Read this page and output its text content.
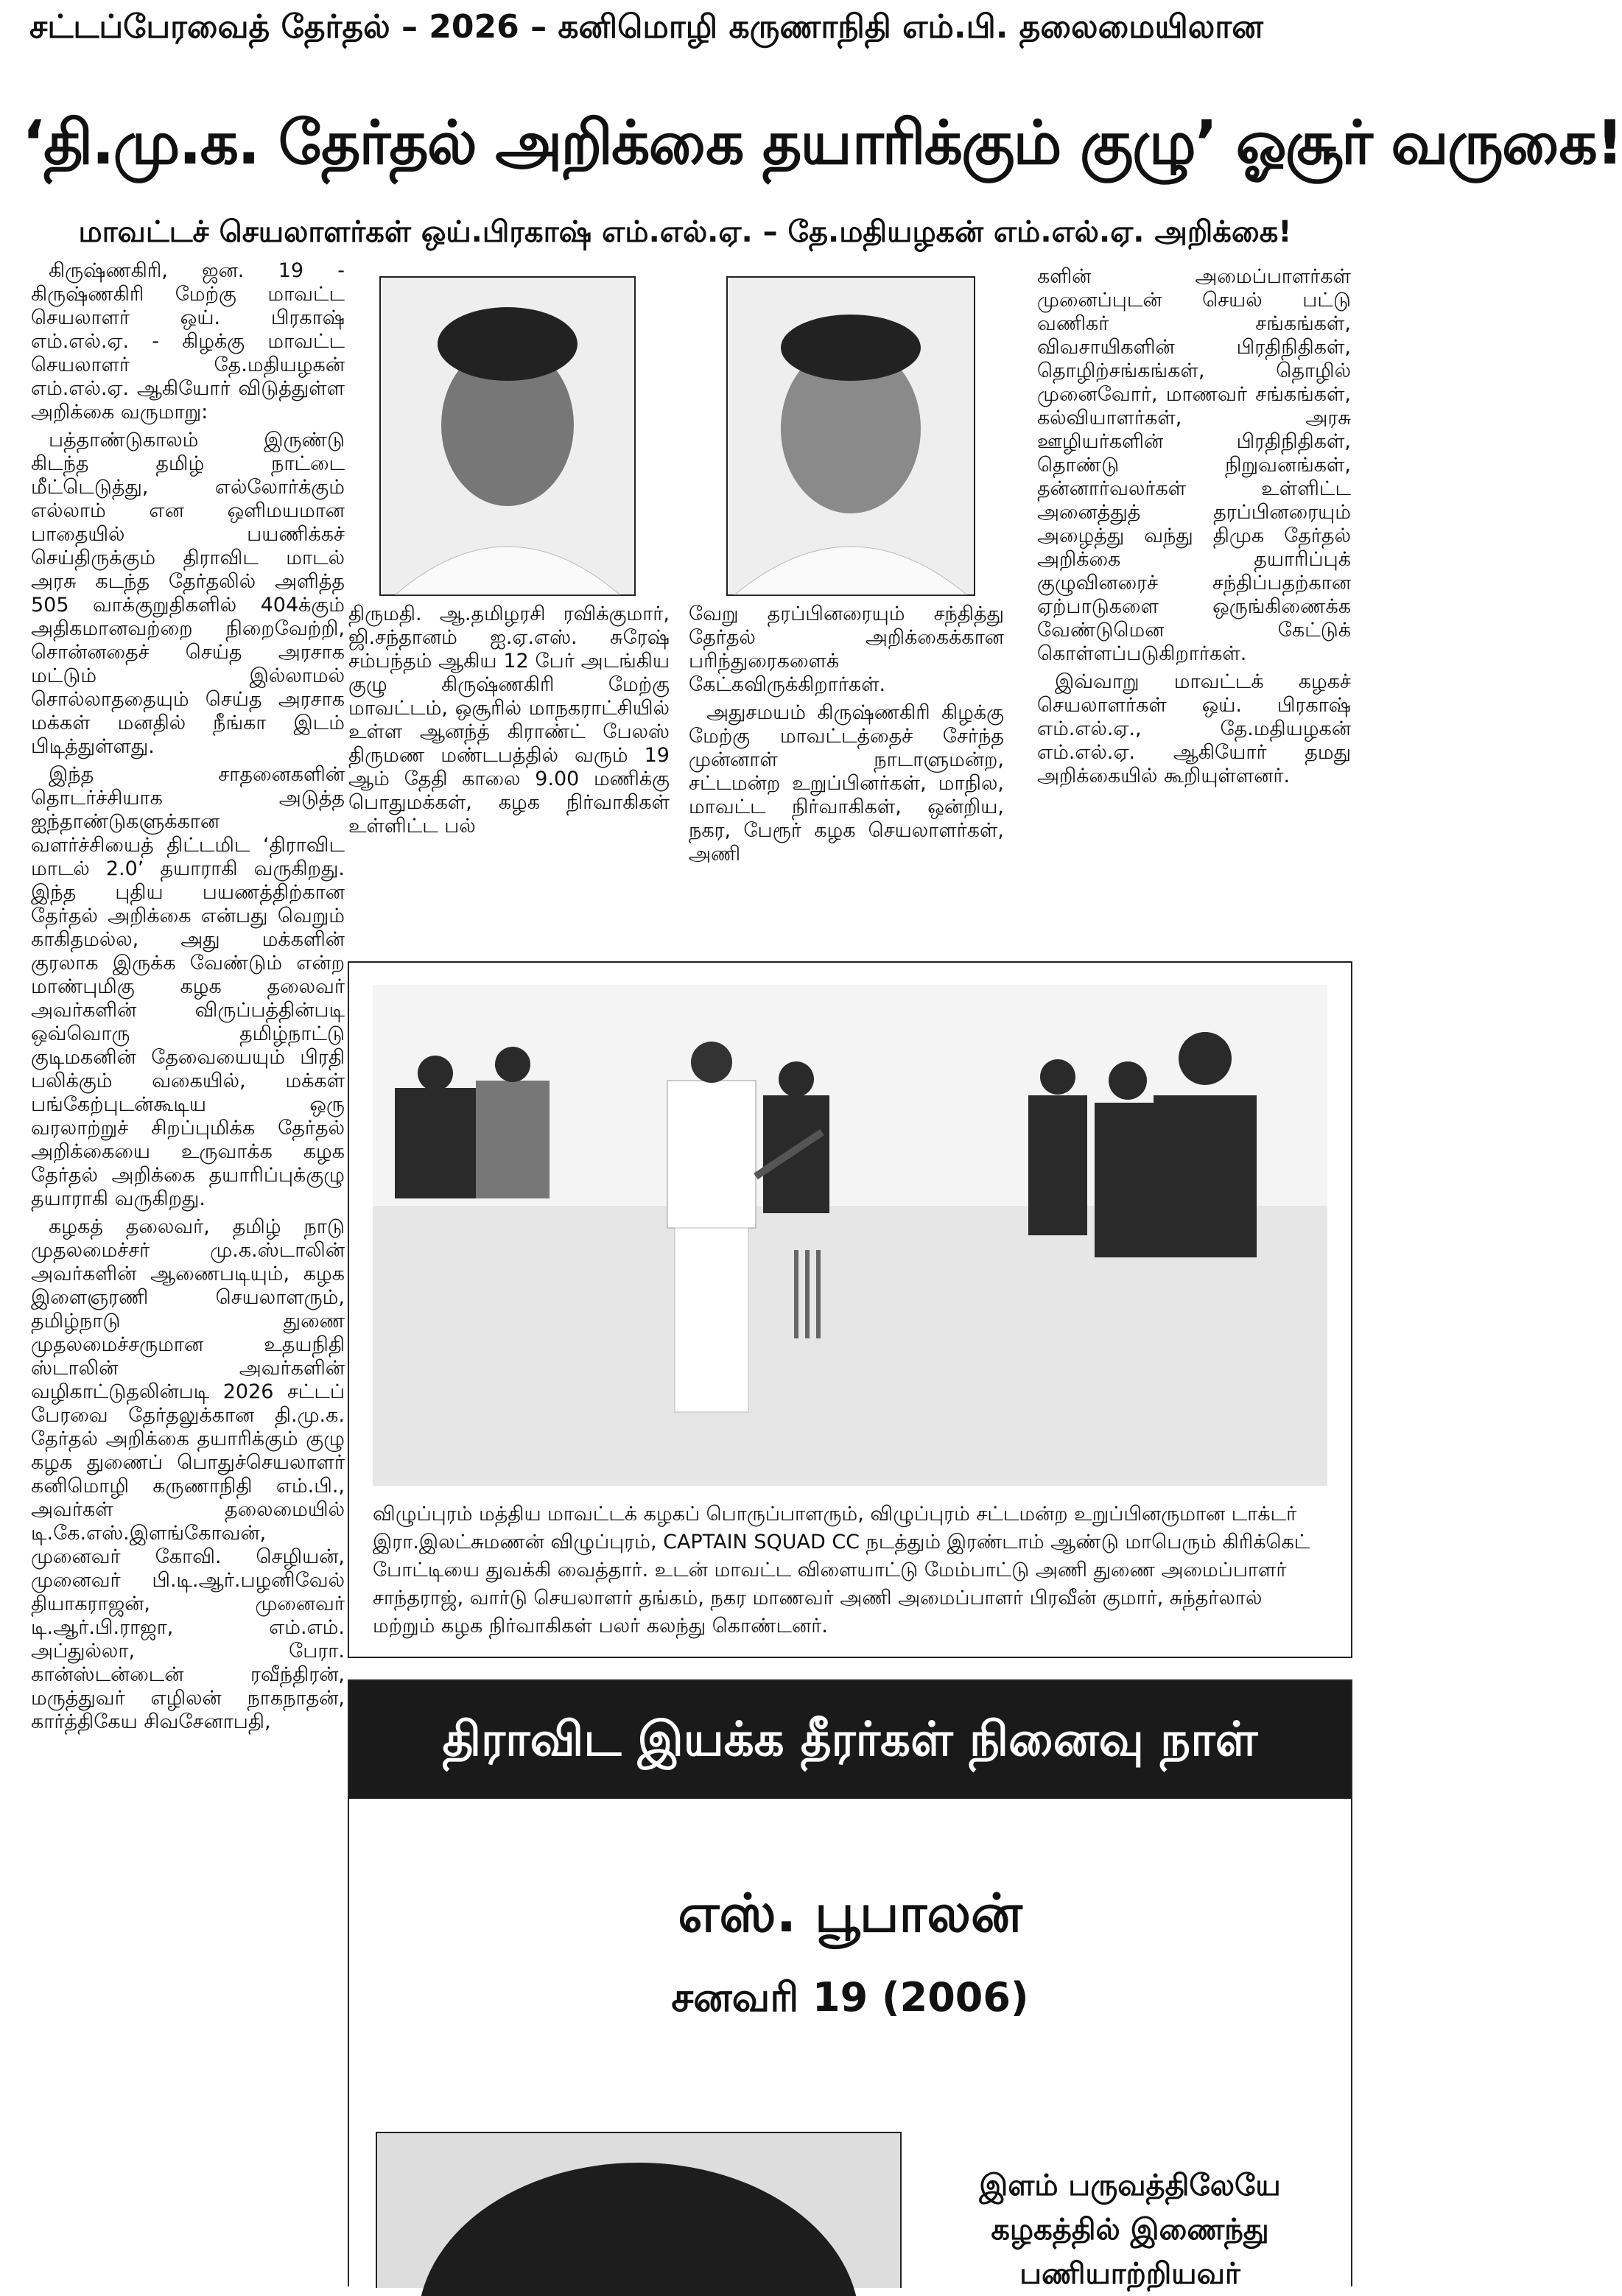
சட்டப்பேரவைத் தேர்தல் – 2026 – கனிமொழி கருணாநிதி எம்.பி. தலைமையிலான
‘தி.மு.க. தேர்தல் அறிக்கை தயாரிக்கும் குழு’ ஓசூர் வருகை!
மாவட்டச் செயலாளர்கள் ஒய்.பிரகாஷ் எம்.எல்.ஏ. – தே.மதியழகன் எம்.எல்.ஏ. அறிக்கை!

கிருஷ்ணகிரி, ஜன. 19 - கிருஷ்ணகிரி மேற்கு மாவட்ட செயலாளர் ஒய். பிரகாஷ் எம்.எல்.ஏ. - கிழக்கு மாவட்ட செயலாளர் தே.மதியழகன் எம்.எல்.ஏ. ஆகியோர் விடுத்துள்ள அறிக்கை வருமாறு:

பத்தாண்டுகாலம் இருண்டு கிடந்த தமிழ் நாட்டை மீட்டெடுத்து, எல்லோர்க்கும் எல்லாம் என ஒளிமயமான பாதையில் பயணிக்கச் செய்திருக்கும் திராவிட மாடல் அரசு கடந்த தேர்தலில் அளித்த 505 வாக்குறுதிகளில் 404க்கும் அதிகமானவற்றை நிறைவேற்றி, சொன்னதைச் செய்த அரசாக மட்டும் இல்லாமல் சொல்லாததையும் செய்த அரசாக மக்கள் மனதில் நீங்கா இடம் பிடித்துள்ளது.

இந்த சாதனைகளின் தொடர்ச்சியாக அடுத்த ஐந்தாண்டுகளுக்கான வளர்ச்சியைத் திட்டமிட ‘திராவிட மாடல் 2.0’ தயாராகி வருகிறது. இந்த புதிய பயணத்திற்கான தேர்தல் அறிக்கை என்பது வெறும் காகிதமல்ல, அது மக்களின் குரலாக இருக்க வேண்டும் என்ற மாண்புமிகு கழக தலைவர் அவர்களின் விருப்பத்தின்படி ஒவ்வொரு தமிழ்நாட்டு குடிமகனின் தேவையையும் பிரதி பலிக்கும் வகையில், மக்கள் பங்கேற்புடன்கூடிய ஒரு வரலாற்றுச் சிறப்புமிக்க தேர்தல் அறிக்கையை உருவாக்க கழக தேர்தல் அறிக்கை தயாரிப்புக்குழு தயாராகி வருகிறது.

கழகத் தலைவர், தமிழ் நாடு முதலமைச்சர் மு.க.ஸ்டாலின் அவர்களின் ஆணைபடியும், கழக இளைஞரணி செயலாளரும், தமிழ்நாடு துணை முதலமைச்சருமான உதயநிதி ஸ்டாலின் அவர்களின் வழிகாட்டுதலின்படி 2026 சட்டப் பேரவை தேர்தலுக்கான தி.மு.க. தேர்தல் அறிக்கை தயாரிக்கும் குழு கழக துணைப் பொதுச்செயலாளர் கனிமொழி கருணாநிதி எம்.பி., அவர்கள் தலைமையில் டி.கே.எஸ்.இளங்கோவன், முனைவர் கோவி. செழியன், முனைவர் பி.டி.ஆர்.பழனிவேல் தியாகராஜன், முனைவர் டி.ஆர்.பி.ராஜா, எம்.எம். அப்துல்லா, பேரா. கான்ஸ்டன்டைன் ரவீந்திரன், மருத்துவர் எழிலன் நாகநாதன், கார்த்திகேய சிவசேனாபதி,

திருமதி. ஆ.தமிழரசி ரவிக்குமார், ஜி.சந்தானம் ஐ.ஏ.எஸ். சுரேஷ் சம்பந்தம் ஆகிய 12 பேர் அடங்கிய குழு கிருஷ்ணகிரி மேற்கு மாவட்டம், ஒசூரில் மாநகராட்சியில் உள்ள ஆனந்த் கிராண்ட் பேலஸ் திருமண மண்டபத்தில் வரும் 19 ஆம் தேதி காலை 9.00 மணிக்கு பொதுமக்கள், கழக நிர்வாகிகள் உள்ளிட்ட பல்

வேறு தரப்பினரையும் சந்தித்து தேர்தல் அறிக்கைக்கான பரிந்துரைகளைக் கேட்கவிருக்கிறார்கள்.

அதுசமயம் கிருஷ்ணகிரி கிழக்கு மேற்கு மாவட்டத்தைச் சேர்ந்த முன்னாள் நாடாளுமன்ற, சட்டமன்ற உறுப்பினர்கள், மாநில, மாவட்ட நிர்வாகிகள், ஒன்றிய, நகர, பேரூர் கழக செயலாளர்கள், அணி

களின் அமைப்பாளர்கள் முனைப்புடன் செயல் பட்டு வணிகர் சங்கங்கள், விவசாயிகளின் பிரதிநிதிகள், தொழிற்சங்கங்கள், தொழில் முனைவோர், மாணவர் சங்கங்கள், கல்வியாளர்கள், அரசு ஊழியர்களின் பிரதிநிதிகள், தொண்டு நிறுவனங்கள், தன்னார்வலர்கள் உள்ளிட்ட அனைத்துத் தரப்பினரையும் அழைத்து வந்து திமுக தேர்தல் அறிக்கை தயாரிப்புக் குழுவினரைச் சந்திப்பதற்கான ஏற்பாடுகளை ஒருங்கிணைக்க வேண்டுமென கேட்டுக் கொள்ளப்படுகிறார்கள்.

இவ்வாறு மாவட்டக் கழகச் செயலாளர்கள் ஒய். பிரகாஷ் எம்.எல்.ஏ., தே.மதியழகன் எம்.எல்.ஏ. ஆகியோர் தமது அறிக்கையில் கூறியுள்ளனர்.

விழுப்புரம் மத்திய மாவட்டக் கழகப் பொருப்பாளரும், விழுப்புரம் சட்டமன்ற உறுப்பினருமான டாக்டர் இரா.இலட்சுமணன் விழுப்புரம், CAPTAIN SQUAD CC நடத்தும் இரண்டாம் ஆண்டு மாபெரும் கிரிக்கெட் போட்டியை துவக்கி வைத்தார். உடன் மாவட்ட விளையாட்டு மேம்பாட்டு அணி துணை அமைப்பாளர் சாந்தராஜ், வார்டு செயலாளர் தங்கம், நகர மாணவர் அணி அமைப்பாளர் பிரவீன் குமார், சுந்தர்லால் மற்றும் கழக நிர்வாகிகள் பலர் கலந்து கொண்டனர்.
திராவிட இயக்க தீரர்கள் நினைவு நாள்
எஸ். பூபாலன்
சனவரி 19 (2006)
இளம் பருவத்திலேயே
கழகத்தில் இணைந்து
பணியாற்றியவர்
